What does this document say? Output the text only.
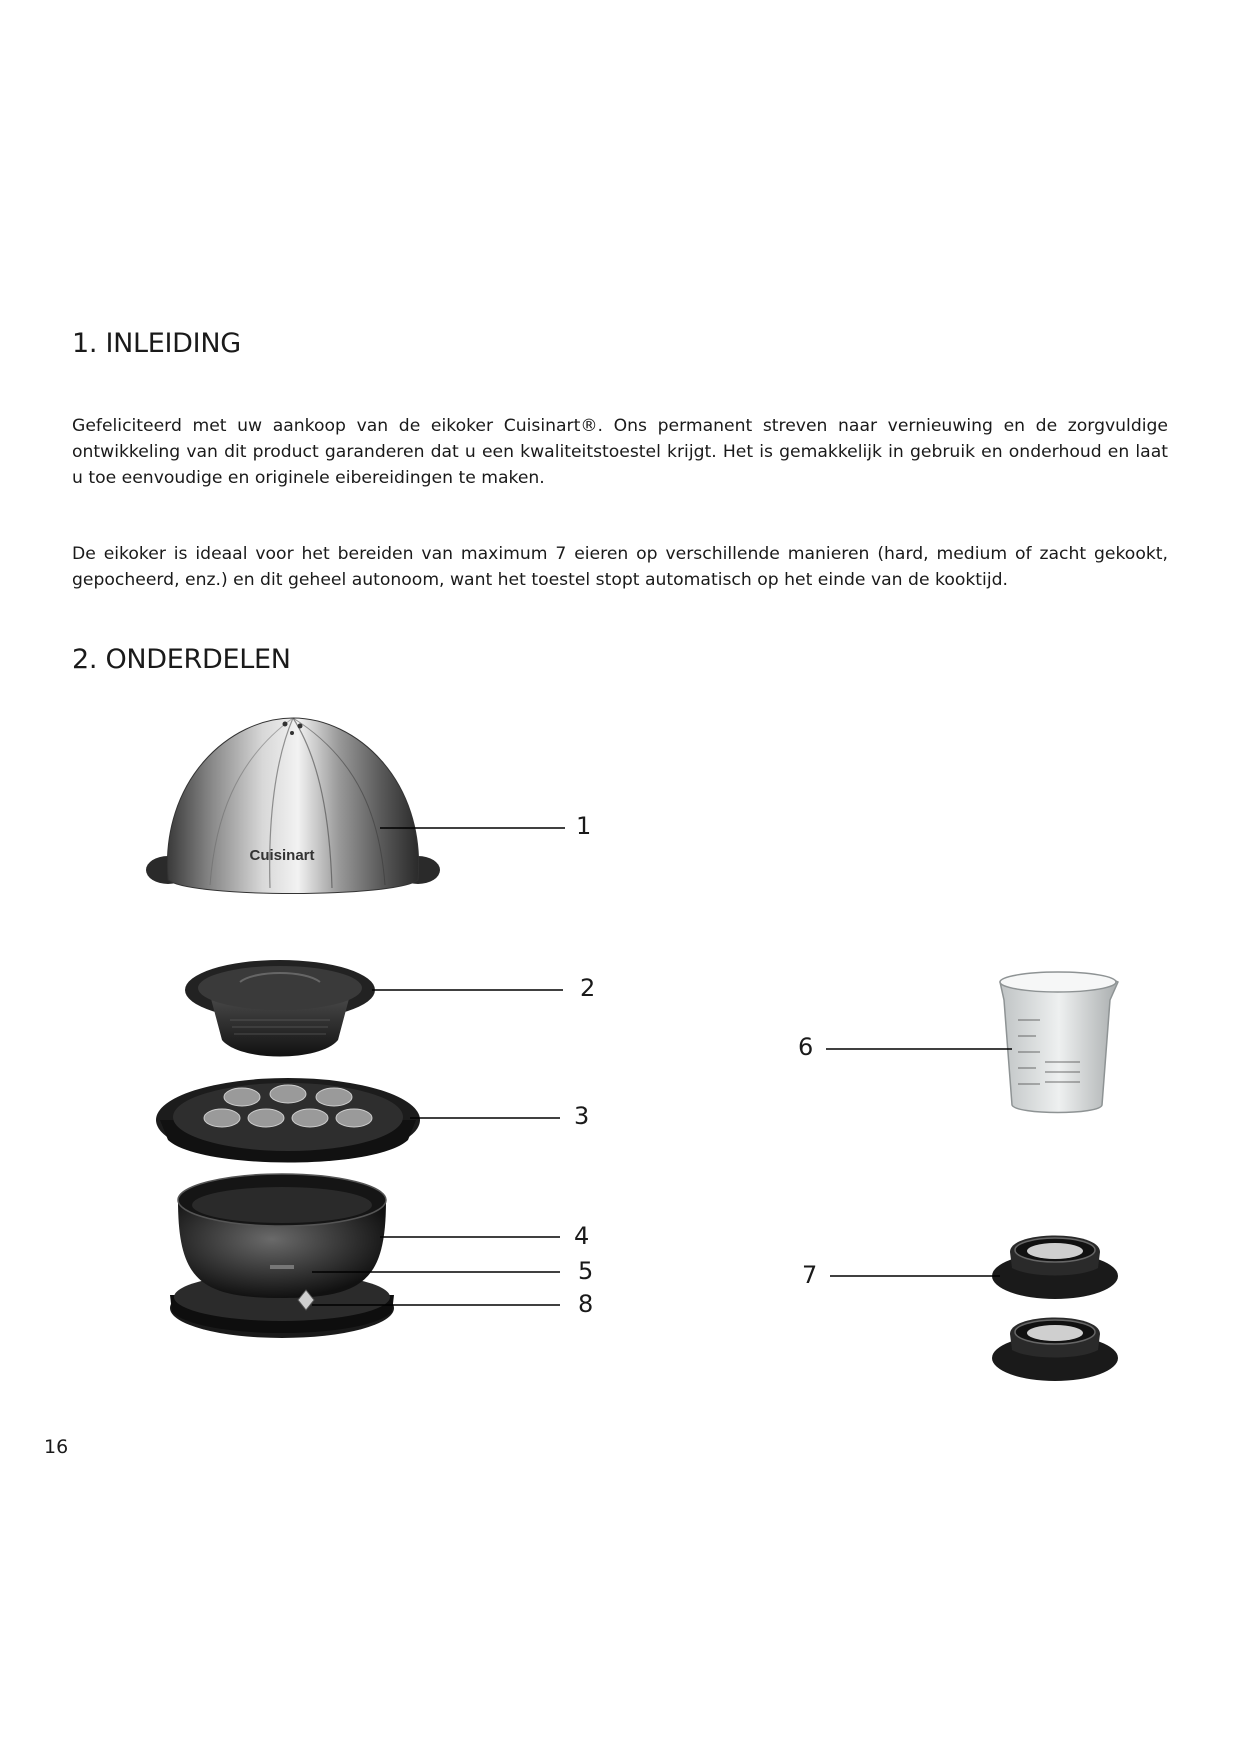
1. INLEIDING

Gefeliciteerd met uw aankoop van de eikoker Cuisinart®. Ons permanent streven naar vernieuwing en de zorgvuldige ontwikkeling van dit product garanderen dat u een kwaliteitstoestel krijgt. Het is gemakkelijk in gebruik en onderhoud en laat u toe eenvoudige en originele eibereidingen te maken.

De eikoker is ideaal voor het bereiden van maximum 7 eieren op verschillende manieren (hard, medium of zacht gekookt, gepocheerd, enz.) en dit geheel autonoom, want het toestel stopt automatisch op het einde van de kooktijd.

2. ONDERDELEN
Cuisinart
1
2
3
4
5
8
6
7
16
